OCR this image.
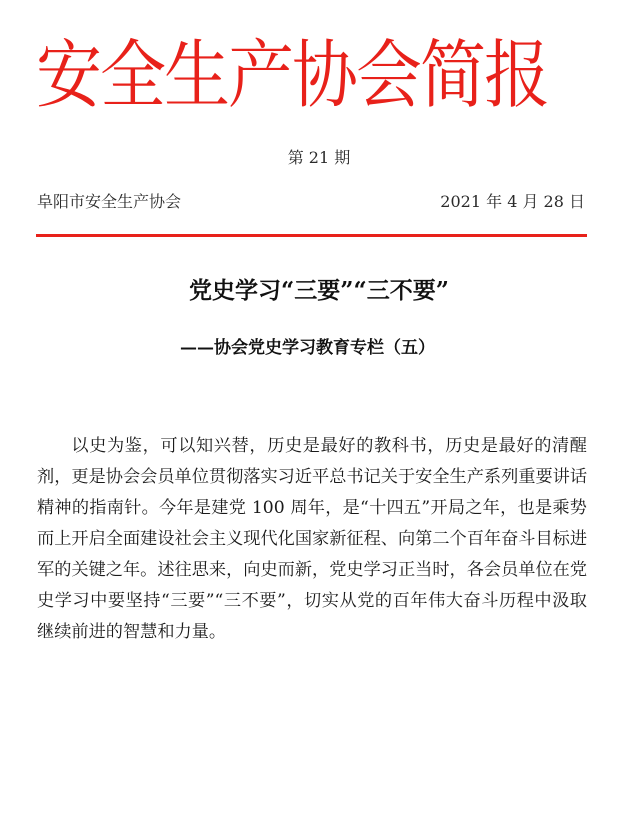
安全生产协会简报
第 21 期
阜阳市安全生产协会	2021 年 4 月 28 日
党史学习“三要”“三不要”
——协会党史学习教育专栏（五）

以史为鉴，可以知兴替，历史是最好的教科书，历史是最好的清醒剂，更是协会会员单位贯彻落实习近平总书记关于安全生产系列重要讲话精神的指南针。今年是建党 100 周年，是“十四五”开局之年，也是乘势而上开启全面建设社会主义现代化国家新征程、向第二个百年奋斗目标进军的关键之年。述往思来，向史而新，党史学习正当时，各会员单位在党史学习中要坚持“三要”“三不要”，切实从党的百年伟大奋斗历程中汲取继续前进的智慧和力量。
